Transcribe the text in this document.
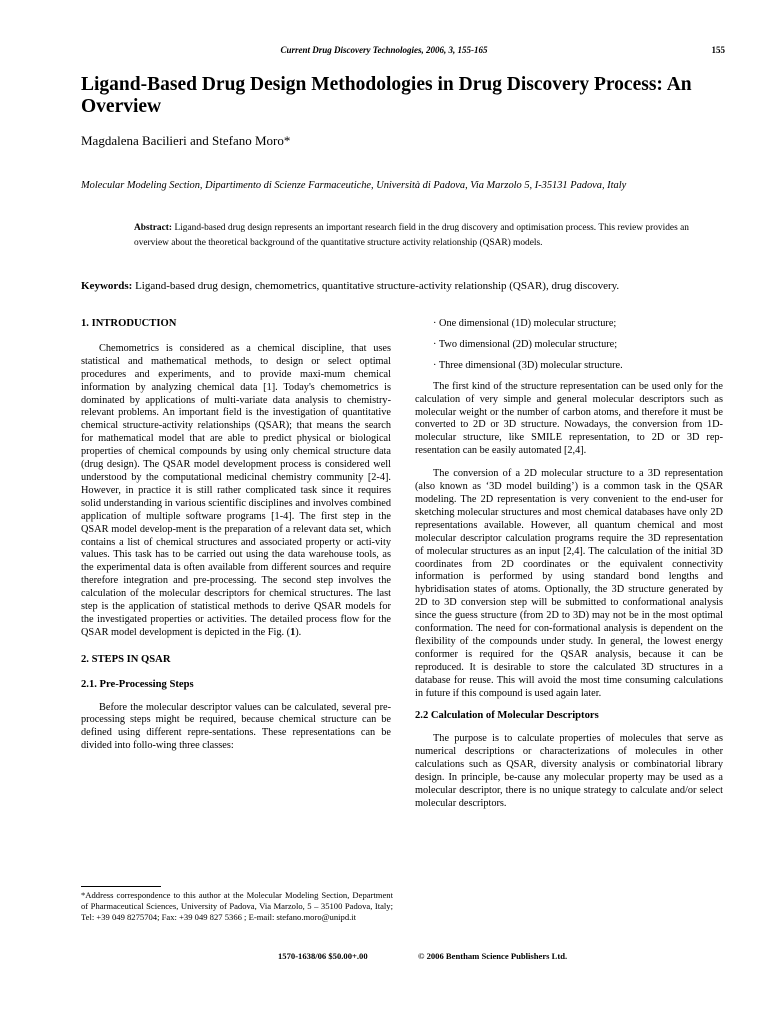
Current Drug Discovery Technologies, 2006, 3, 155-165	155
Ligand-Based Drug Design Methodologies in Drug Discovery Process: An Overview
Magdalena Bacilieri and Stefano Moro*
Molecular Modeling Section, Dipartimento di Scienze Farmaceutiche, Università di Padova, Via Marzolo 5, I-35131 Padova, Italy
Abstract: Ligand-based drug design represents an important research field in the drug discovery and optimisation process. This review provides an overview about the theoretical background of the quantitative structure activity relationship (QSAR) models.
Keywords: Ligand-based drug design, chemometrics, quantitative structure-activity relationship (QSAR), drug discovery.
1. INTRODUCTION

Chemometrics is considered as a chemical discipline, that uses statistical and mathematical methods, to design or select optimal procedures and experiments, and to provide maxi-mum chemical information by analyzing chemical data [1]. Today's chemometrics is dominated by applications of multi-variate data analysis to chemistry-relevant problems. An important field is the investigation of quantitative chemical structure-activity relationships (QSAR); that means the search for mathematical model that are able to predict physical or biological properties of chemical compounds by using only chemical structure data (drug design). The QSAR model development process is considered well understood by the computational medicinal chemistry community [2-4]. However, in practice it is still rather complicated task since it requires solid understanding in various scientific disciplines and involves combined application of multiple software programs [1-4]. The first step in the QSAR model develop-ment is the preparation of a relevant data set, which contains a list of chemical structures and associated property or acti-vity values. This task has to be carried out using the data warehouse tools, as the experimental data is often available from different sources and require therefore integration and pre-processing. The second step involves the calculation of the molecular descriptors for chemical structures. The last step is the application of statistical methods to derive QSAR models for the investigated properties or activities. The detailed process flow for the QSAR model development is depicted in the Fig. (1).

2. STEPS IN QSAR
2.1. Pre-Processing Steps

Before the molecular descriptor values can be calculated, several pre-processing steps might be required, because chemical structure can be defined using different repre-sentations. These representations can be divided into follo-wing three classes:

· One dimensional (1D) molecular structure;
· Two dimensional (2D) molecular structure;
· Three dimensional (3D) molecular structure.

The first kind of the structure representation can be used only for the calculation of very simple and general molecular descriptors such as molecular weight or the number of carbon atoms, and therefore it must be converted to 2D or 3D structure. Nowadays, the conversion from 1D-molecular structure, like SMILE representation, to 2D or 3D rep-resentation can be easily automated [2,4].

The conversion of a 2D molecular structure to a 3D representation (also known as ‘3D model building’) is a common task in the QSAR modeling. The 2D representation is very convenient to the end-user for sketching molecular structures and most chemical databases have only 2D representations available. However, all quantum chemical and most molecular descriptor calculation programs require the 3D representation of molecular structures as an input [2,4]. The calculation of the initial 3D coordinates from 2D coordinates or the equivalent connectivity information is performed by using standard bond lengths and hybridisation states of atoms. Optionally, the 3D structure generated by 2D to 3D conversion step will be submitted to conformational analysis since the guess structure (from 2D to 3D) may not be in the most optimal conformation. The need for con-formational analysis is dependent on the flexibility of the compounds under study. In general, the lowest energy conformer is required for the QSAR analysis, because it can be reproduced. It is desirable to store the calculated 3D structures in a database for reuse. This will avoid the most time consuming calculations in future if this compound is used again later.

2.2 Calculation of Molecular Descriptors

The purpose is to calculate properties of molecules that serve as numerical descriptions or characterizations of molecules in other calculations such as QSAR, diversity analysis or combinatorial library design. In principle, be-cause any molecular property may be used as a molecular descriptor, there is no unique strategy to calculate and/or select molecular descriptors.

*Address correspondence to this author at the Molecular Modeling Section, Department of Pharmaceutical Sciences, University of Padova, Via Marzolo, 5 – 35100 Padova, Italy; Tel: +39 049 8275704; Fax: +39 049 827 5366 ; E-mail: stefano.moro@unipd.it
1570-1638/06 $50.00+.00	© 2006 Bentham Science Publishers Ltd.
